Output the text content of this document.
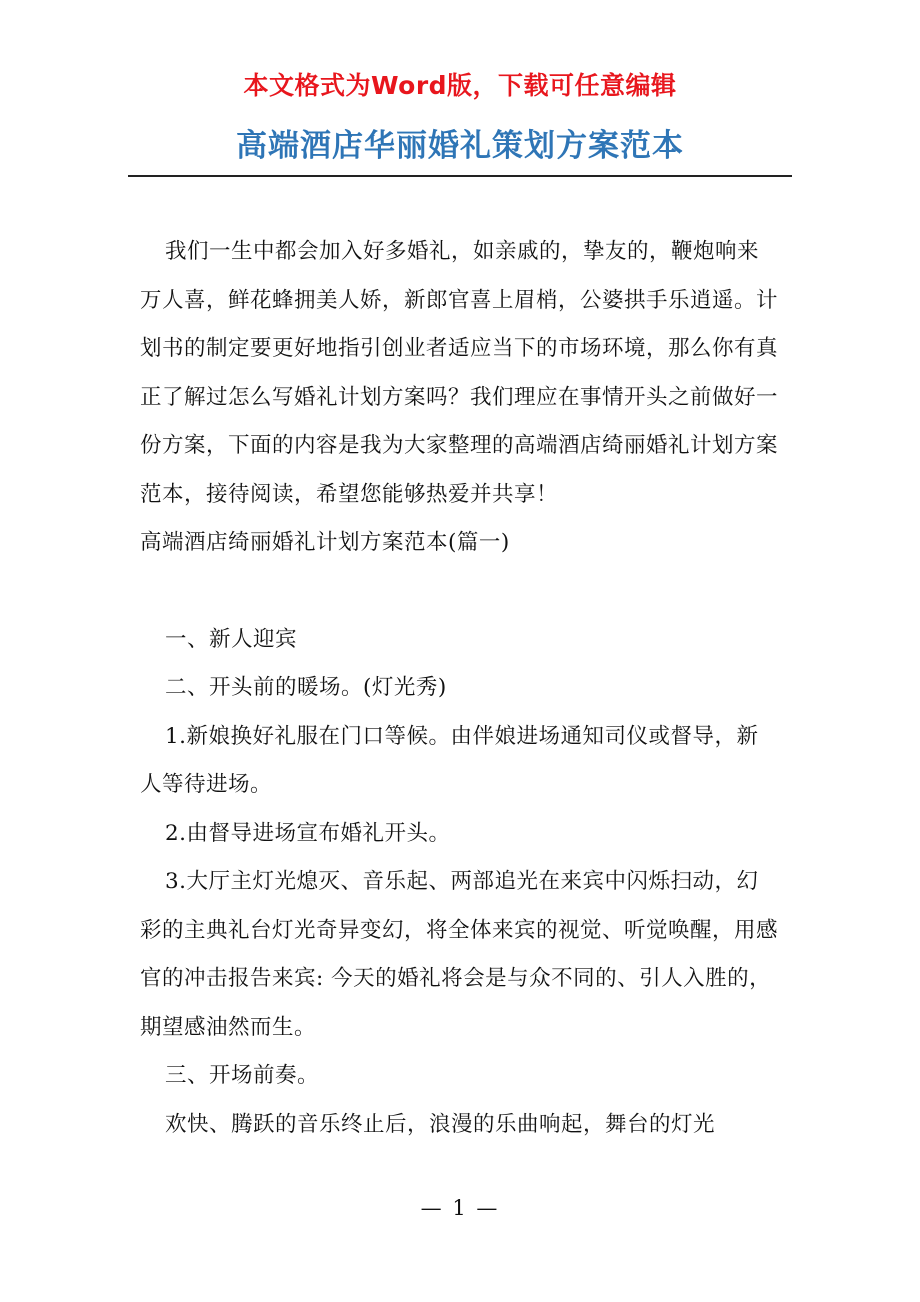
本文格式为Word版，下载可任意编辑
高端酒店华丽婚礼策划方案范本

我们一生中都会加入好多婚礼，如亲戚的，挚友的，鞭炮响来万人喜，鲜花蜂拥美人娇，新郎官喜上眉梢，公婆拱手乐逍遥。计划书的制定要更好地指引创业者适应当下的市场环境，那么你有真正了解过怎么写婚礼计划方案吗？我们理应在事情开头之前做好一份方案，下面的内容是我为大家整理的高端酒店绮丽婚礼计划方案范本，接待阅读，希望您能够热爱并共享！

高端酒店绮丽婚礼计划方案范本(篇一)

一、新人迎宾

二、开头前的暖场。(灯光秀)

1.新娘换好礼服在门口等候。由伴娘进场通知司仪或督导，新人等待进场。

2.由督导进场宣布婚礼开头。

3.大厅主灯光熄灭、音乐起、两部追光在来宾中闪烁扫动，幻彩的主典礼台灯光奇异变幻，将全体来宾的视觉、听觉唤醒，用感官的冲击报告来宾: 今天的婚礼将会是与众不同的、引人入胜的，期望感油然而生。

三、开场前奏。

欢快、腾跃的音乐终止后，浪漫的乐曲响起，舞台的灯光

— 1 —
